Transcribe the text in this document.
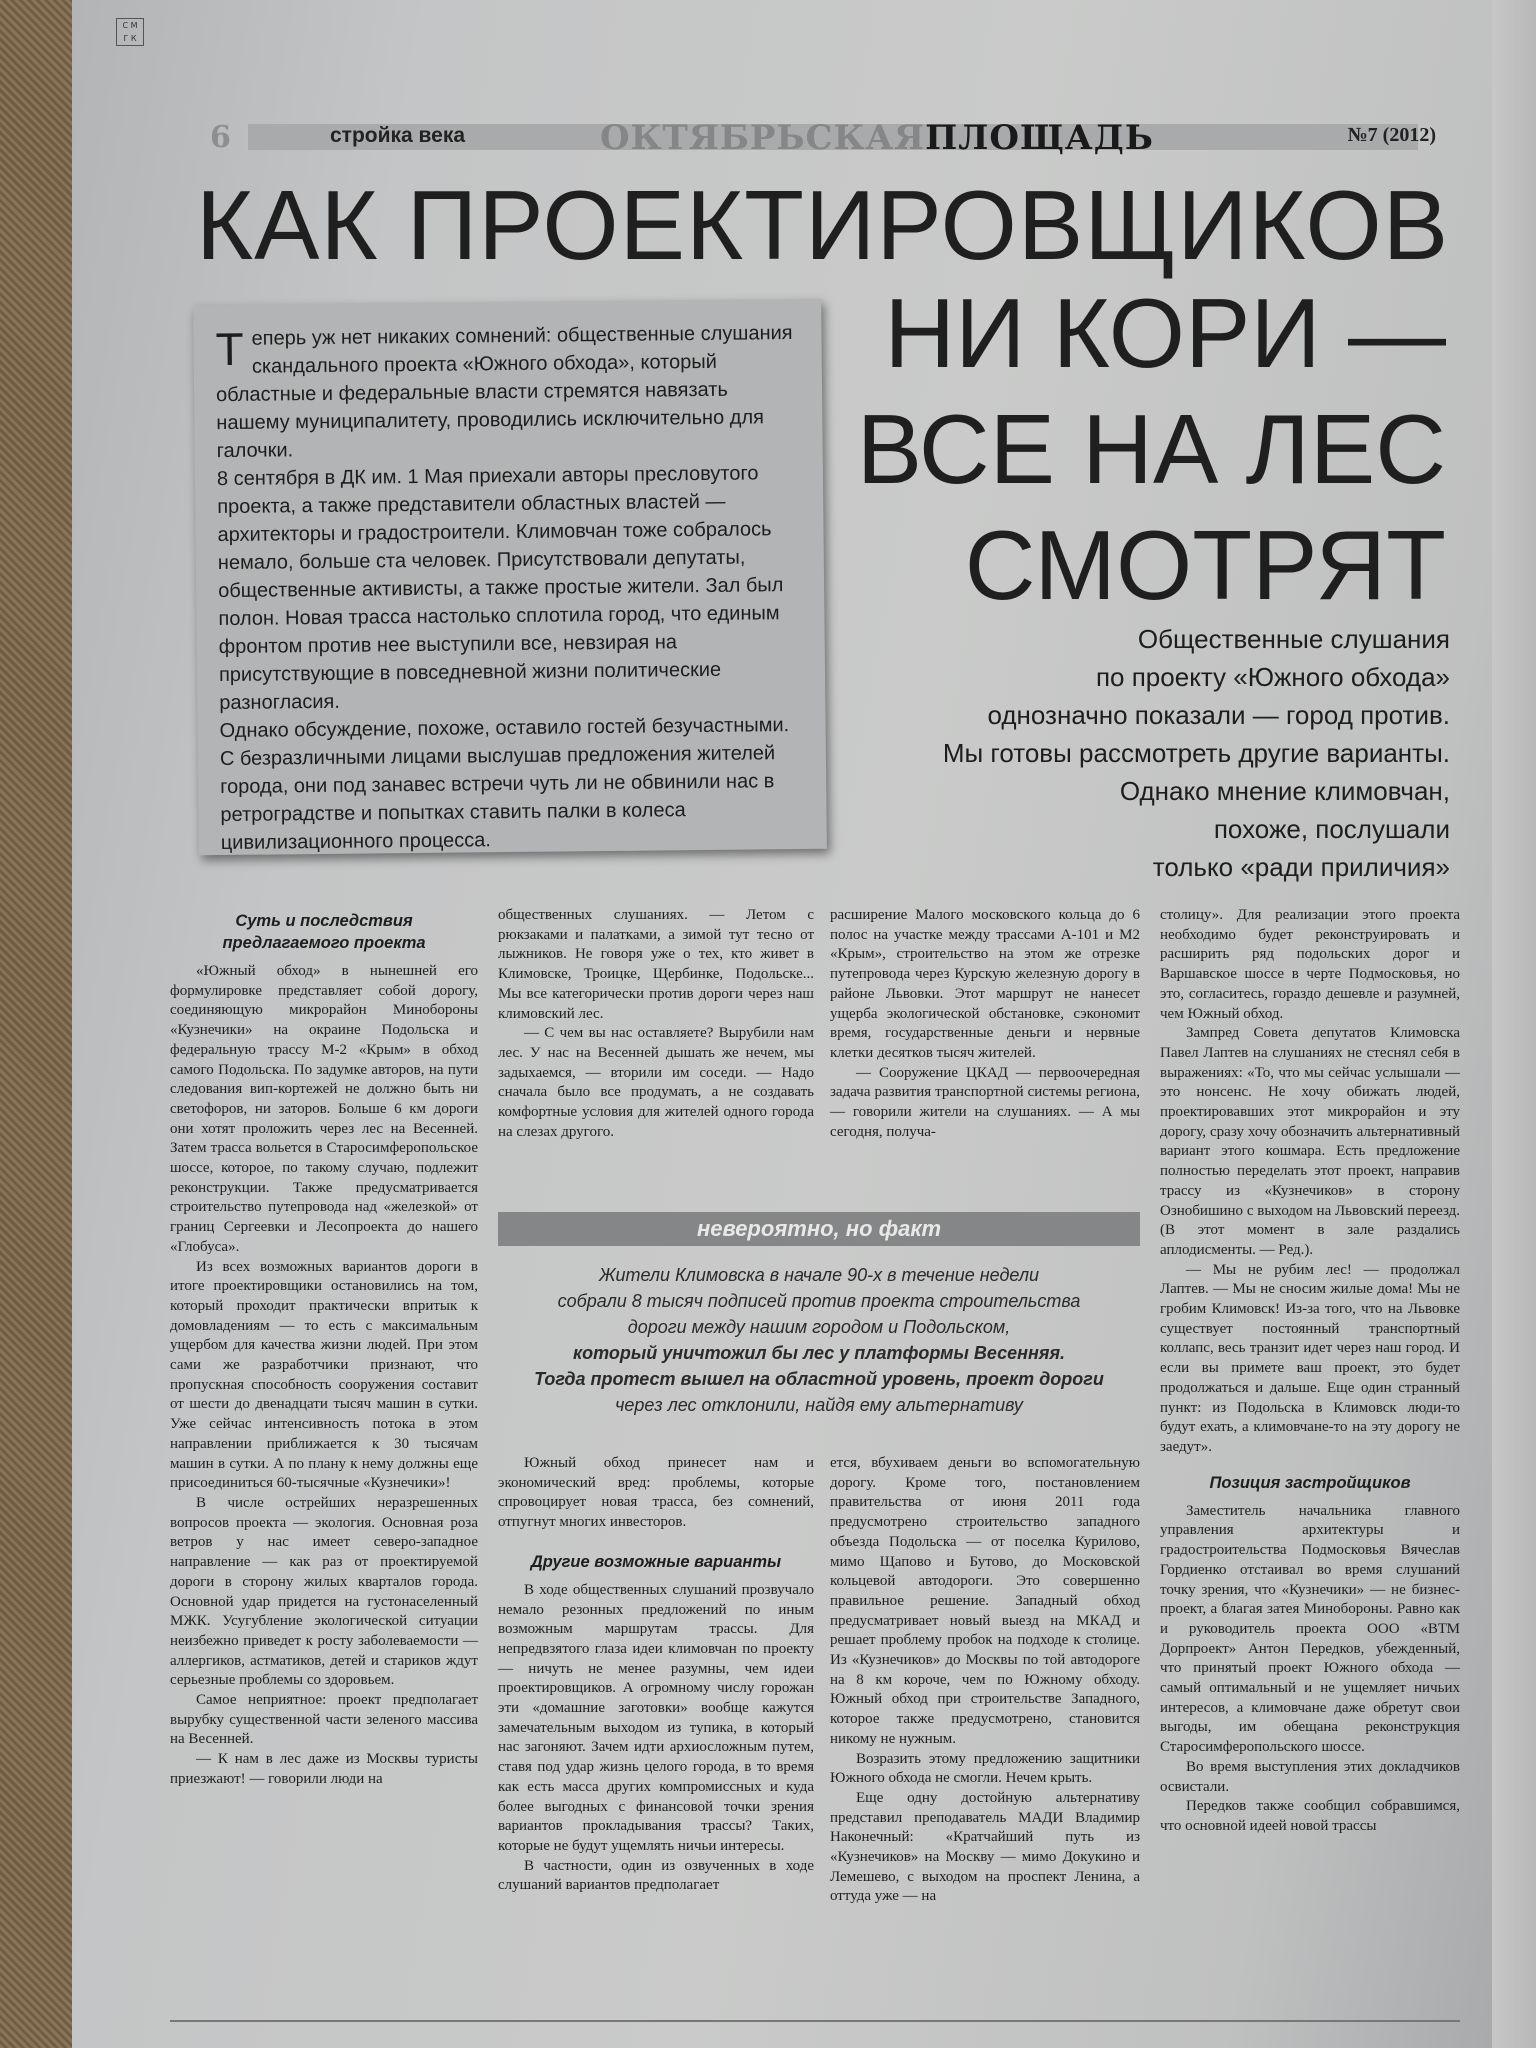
С М
Г К
6	стройка века	ОКТЯБРЬСКАЯПЛОЩАДЬ	№7 (2012)
КАК ПРОЕКТИРОВЩИКОВ
НИ КОРИ —
ВСЕ НА ЛЕС
СМОТРЯТ

Теперь уж нет никаких сомнений: общественные слушания скандального проекта «Южного обхода», который областные и федеральные власти стремятся навязать нашему муниципалитету, проводились исключительно для галочки.

8 сентября в ДК им. 1 Мая приехали авторы пресловутого проекта, а также представители областных властей — архитекторы и градостроители. Климовчан тоже собралось немало, больше ста человек. Присутствовали депутаты, общественные активисты, а также простые жители. Зал был полон. Новая трасса настолько сплотила город, что единым фронтом против нее выступили все, невзирая на присутствующие в повседневной жизни политические разногласия.

Однако обсуждение, похоже, оставило гостей безучастными. С безразличными лицами выслушав предложения жителей города, они под занавес встречи чуть ли не обвинили нас в ретроградстве и попытках ставить палки в колеса цивилизационного процесса.

Общественные слушания
по проекту «Южного обхода»
однозначно показали — город против.
Мы готовы рассмотреть другие варианты.
Однако мнение климовчан,
похоже, послушали
только «ради приличия»
Суть и последствия предлагаемого проекта

«Южный обход» в нынешней его формулировке представляет собой дорогу, соединяющую микрорайон Минобороны «Кузнечики» на окраине Подольска и федеральную трассу М-2 «Крым» в обход самого Подольска. По задумке авторов, на пути следования вип-кортежей не должно быть ни светофоров, ни заторов. Больше 6 км дороги они хотят проложить через лес на Весенней. Затем трасса вольется в Старосимферопольское шоссе, которое, по такому случаю, подлежит реконструкции. Также предусматривается строительство путепровода над «железкой» от границ Сергеевки и Лесопроекта до нашего «Глобуса».

Из всех возможных вариантов дороги в итоге проектировщики остановились на том, который проходит практически впритык к домовладениям — то есть с максимальным ущербом для качества жизни людей. При этом сами же разработчики признают, что пропускная способность сооружения составит от шести до двенадцати тысяч машин в сутки. Уже сейчас интенсивность потока в этом направлении приближается к 30 тысячам машин в сутки. А по плану к нему должны еще присоединиться 60-тысячные «Кузнечики»!

В числе острейших неразрешенных вопросов проекта — экология. Основная роза ветров у нас имеет северо-западное направление — как раз от проектируемой дороги в сторону жилых кварталов города. Основной удар придется на густонаселенный МЖК. Усугубление экологической ситуации неизбежно приведет к росту заболеваемости — аллергиков, астматиков, детей и стариков ждут серьезные проблемы со здоровьем.

Самое неприятное: проект предполагает вырубку существенной части зеленого массива на Весенней.

— К нам в лес даже из Москвы туристы приезжают! — говорили люди на

общественных слушаниях. — Летом с рюкзаками и палатками, а зимой тут тесно от лыжников. Не говоря уже о тех, кто живет в Климовске, Троицке, Щербинке, Подольске... Мы все категорически против дороги через наш климовский лес.

— С чем вы нас оставляете? Вырубили нам лес. У нас на Весенней дышать же нечем, мы задыхаемся, — вторили им соседи. — Надо сначала было все продумать, а не создавать комфортные условия для жителей одного города на слезах другого.

расширение Малого московского кольца до 6 полос на участке между трассами А-101 и М2 «Крым», строительство на этом же отрезке путепровода через Курскую железную дорогу в районе Львовки. Этот маршрут не нанесет ущерба экологической обстановке, сэкономит время, государственные деньги и нервные клетки десятков тысяч жителей.

— Сооружение ЦКАД — первоочередная задача развития транспортной системы региона, — говорили жители на слушаниях. — А мы сегодня, получа-

невероятно, но факт
Жители Климовска в начале 90-х в течение недели
собрали 8 тысяч подписей против проекта строительства
дороги между нашим городом и Подольском,
который уничтожил бы лес у платформы Весенняя.
Тогда протест вышел на областной уровень, проект дороги
через лес отклонили, найдя ему альтернативу

Южный обход принесет нам и экономический вред: проблемы, которые спровоцирует новая трасса, без сомнений, отпугнут многих инвесторов.

Другие возможные варианты

В ходе общественных слушаний прозвучало немало резонных предложений по иным возможным маршрутам трассы. Для непредвзятого глаза идеи климовчан по проекту — ничуть не менее разумны, чем идеи проектировщиков. А огромному числу горожан эти «домашние заготовки» вообще кажутся замечательным выходом из тупика, в который нас загоняют. Зачем идти архиосложным путем, ставя под удар жизнь целого города, в то время как есть масса других компромиссных и куда более выгодных с финансовой точки зрения вариантов прокладывания трассы? Таких, которые не будут ущемлять ничьи интересы.

В частности, один из озвученных в ходе слушаний вариантов предполагает

ется, вбухиваем деньги во вспомогательную дорогу. Кроме того, постановлением правительства от июня 2011 года предусмотрено строительство западного объезда Подольска — от поселка Курилово, мимо Щапово и Бутово, до Московской кольцевой автодороги. Это совершенно правильное решение. Западный обход предусматривает новый выезд на МКАД и решает проблему пробок на подходе к столице. Из «Кузнечиков» до Москвы по той автодороге на 8 км короче, чем по Южному обходу. Южный обход при строительстве Западного, которое также предусмотрено, становится никому не нужным.

Возразить этому предложению защитники Южного обхода не смогли. Нечем крыть.

Еще одну достойную альтернативу представил преподаватель МАДИ Владимир Наконечный: «Кратчайший путь из «Кузнечиков» на Москву — мимо Докукино и Лемешево, с выходом на проспект Ленина, а оттуда уже — на

столицу». Для реализации этого проекта необходимо будет реконструировать и расширить ряд подольских дорог и Варшавское шоссе в черте Подмосковья, но это, согласитесь, гораздо дешевле и разумней, чем Южный обход.

Зампред Совета депутатов Климовска Павел Лаптев на слушаниях не стеснял себя в выражениях: «То, что мы сейчас услышали — это нонсенс. Не хочу обижать людей, проектировавших этот микрорайон и эту дорогу, сразу хочу обозначить альтернативный вариант этого кошмара. Есть предложение полностью переделать этот проект, направив трассу из «Кузнечиков» в сторону Ознобишино с выходом на Львовский переезд. (В этот момент в зале раздались аплодисменты. — Ред.).

— Мы не рубим лес! — продолжал Лаптев. — Мы не сносим жилые дома! Мы не гробим Климовск! Из-за того, что на Львовке существует постоянный транспортный коллапс, весь транзит идет через наш город. И если вы примете ваш проект, это будет продолжаться и дальше. Еще один странный пункт: из Подольска в Климовск люди-то будут ехать, а климовчане-то на эту дорогу не заедут».

Позиция застройщиков

Заместитель начальника главного управления архитектуры и градостроительства Подмосковья Вячеслав Гордиенко отстаивал во время слушаний точку зрения, что «Кузнечики» — не бизнес-проект, а благая затея Минобороны. Равно как и руководитель проекта ООО «ВТМ Дорпроект» Антон Передков, убежденный, что принятый проект Южного обхода — самый оптимальный и не ущемляет ничьих интересов, а климовчане даже обретут свои выгоды, им обещана реконструкция Старосимферопольского шоссе.

Во время выступления этих докладчиков освистали.

Передков также сообщил собравшимся, что основной идеей новой трассы
